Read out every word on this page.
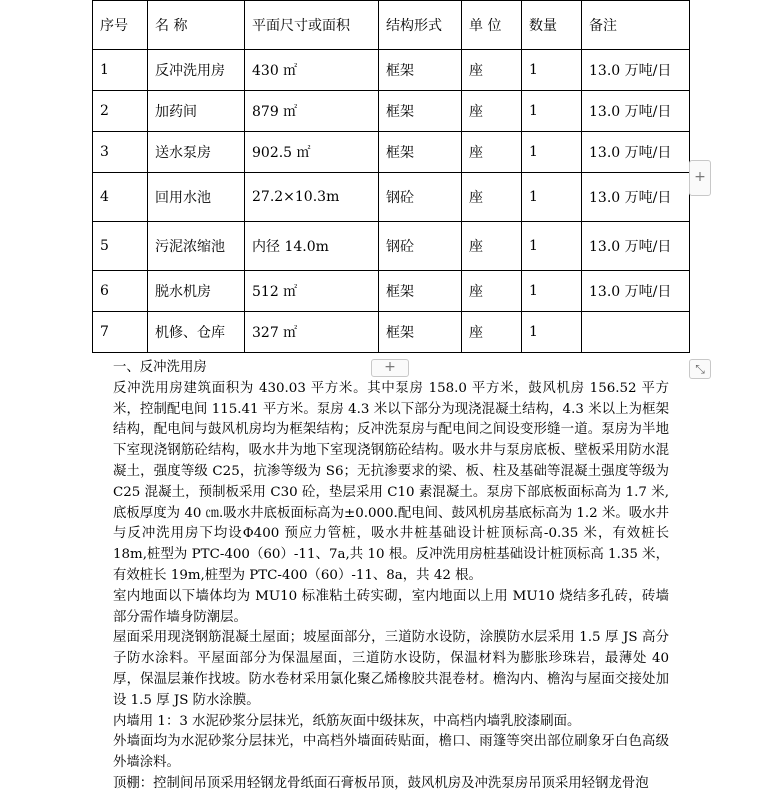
序号	名 称	平面尺寸或面积	结构形式	单 位	数量	备注
1	反冲洗用房	430 ㎡	框架	座	1	13.0 万吨/日
2	加药间	879 ㎡	框架	座	1	13.0 万吨/日
3	送水泵房	902.5 ㎡	框架	座	1	13.0 万吨/日
4	回用水池	27.2×10.3m	钢砼	座	1	13.0 万吨/日
5	污泥浓缩池	内径 14.0m	钢砼	座	1	13.0 万吨/日
6	脱水机房	512 ㎡	框架	座	1	13.0 万吨/日
7	机修、仓库	327 ㎡	框架	座	1	
+
+	⤡

一、反冲洗用房

反冲洗用房建筑面积为 430.03 平方米。其中泵房 158.0 平方米，鼓风机房 156.52 平方米，控制配电间 115.41 平方米。泵房 4.3 米以下部分为现浇混凝土结构，4.3 米以上为框架结构，配电间与鼓风机房均为框架结构；反冲洗泵房与配电间之间设变形缝一道。泵房为半地下室现浇钢筋砼结构，吸水井为地下室现浇钢筋砼结构。吸水井与泵房底板、壁板采用防水混凝土，强度等级 C25，抗渗等级为 S6；无抗渗要求的梁、板、柱及基础等混凝土强度等级为 C25 混凝土，预制板采用 C30 砼，垫层采用 C10 素混凝土。泵房下部底板面标高为 1.7 米,底板厚度为 40 ㎝.吸水井底板面标高为±0.000.配电间、鼓风机房基底标高为 1.2 米。吸水井与反冲洗用房下均设Φ400 预应力管桩，吸水井桩基础设计桩顶标高-0.35 米，有效桩长 18m,桩型为 PTC-400（60）-11、7a,共 10 根。反冲洗用房桩基础设计桩顶标高 1.35 米，有效桩长 19m,桩型为 PTC-400（60）-11、8a，共 42 根。

室内地面以下墙体均为 MU10 标准粘土砖实砌，室内地面以上用 MU10 烧结多孔砖，砖墙部分需作墙身防潮层。

屋面采用现浇钢筋混凝土屋面；坡屋面部分，三道防水设防，涂膜防水层采用 1.5 厚 JS 高分子防水涂料。平屋面部分为保温屋面，三道防水设防，保温材料为膨胀珍珠岩，最薄处 40 厚，保温层兼作找坡。防水卷材采用氯化聚乙烯橡胶共混卷材。檐沟内、檐沟与屋面交接处加设 1.5 厚 JS 防水涂膜。

内墙用 1：3 水泥砂浆分层抹光，纸筋灰面中级抹灰，中高档内墙乳胶漆刷面。

外墙面均为水泥砂浆分层抹光，中高档外墙面砖贴面，檐口、雨篷等突出部位刷象牙白色高级外墙涂料。

顶棚：控制间吊顶采用轻钢龙骨纸面石膏板吊顶，鼓风机房及冲洗泵房吊顶采用轻钢龙骨泡
